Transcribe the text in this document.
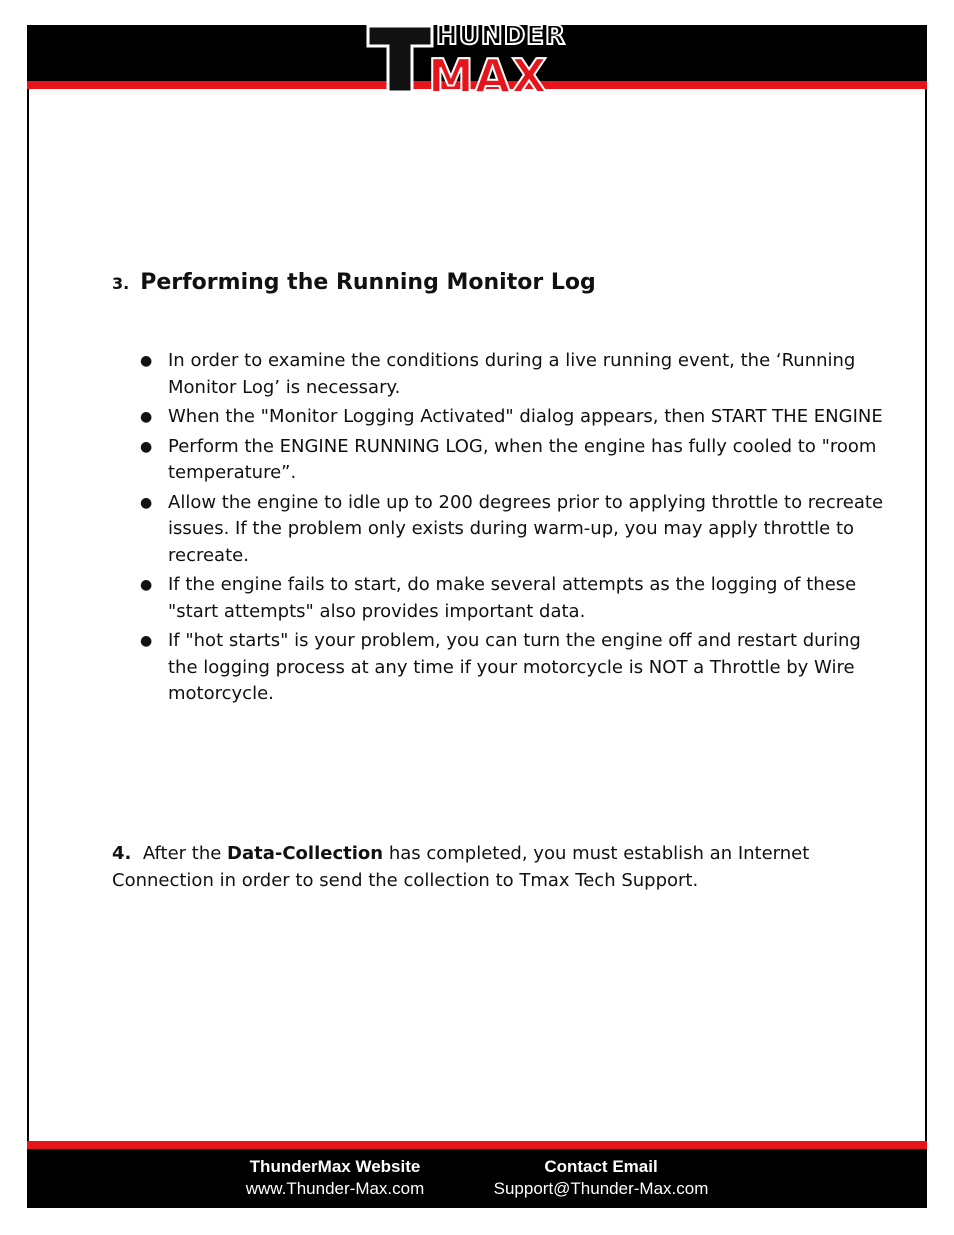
HUNDER
MAX
3. Performing the Running Monitor Log
● In order to examine the conditions during a live running event, the ‘Running Monitor Log’ is necessary.
● When the "Monitor Logging Activated" dialog appears, then START THE ENGINE
● Perform the ENGINE RUNNING LOG, when the engine has fully cooled to "room temperature”.
● Allow the engine to idle up to 200 degrees prior to applying throttle to recreate issues. If the problem only exists during warm-up, you may apply throttle to recreate.
● If the engine fails to start, do make several attempts as the logging of these "start attempts" also provides important data.
● If "hot starts" is your problem, you can turn the engine off and restart during the logging process at any time if your motorcycle is NOT a Throttle by Wire motorcycle.

4.  After the Data-Collection has completed, you must establish an Internet Connection in order to send the collection to Tmax Tech Support.

ThunderMax Website
www.Thunder-Max.com
Contact Email
Support@Thunder-Max.com
